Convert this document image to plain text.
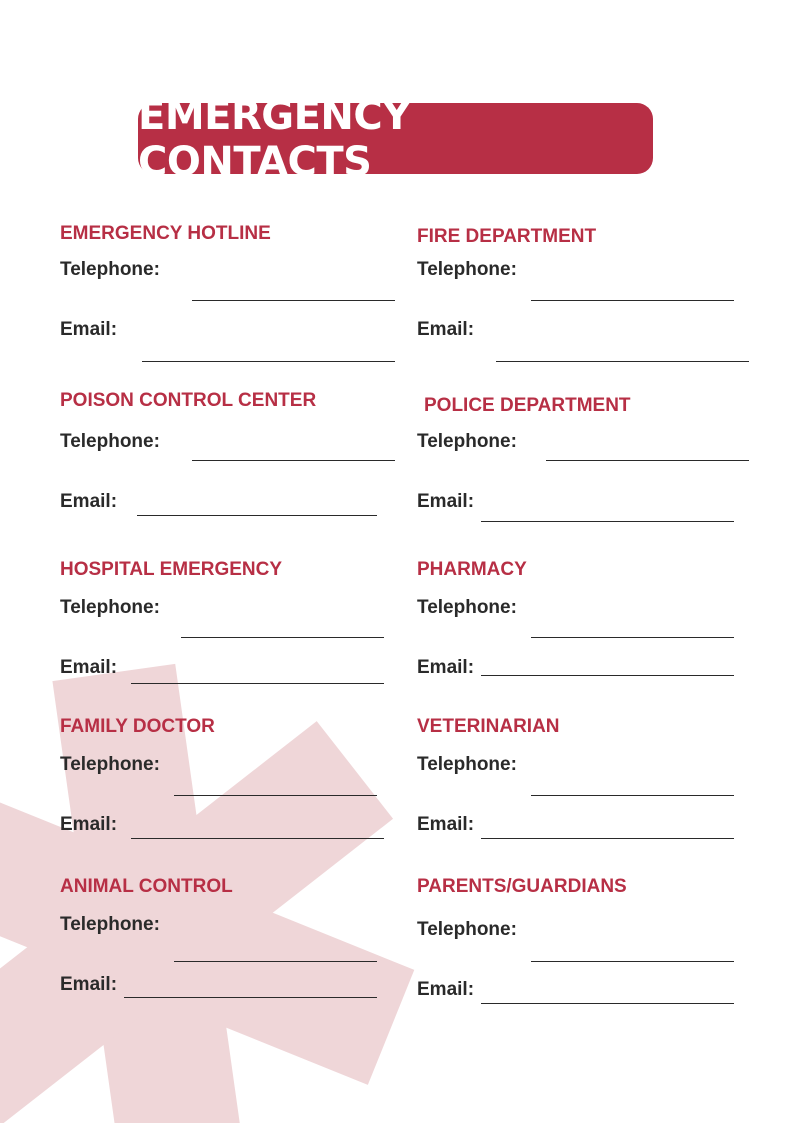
EMERGENCY CONTACTS
EMERGENCY HOTLINE
Telephone:
Email:
POISON CONTROL CENTER
Telephone:
Email:
HOSPITAL EMERGENCY
Telephone:
Email:
FAMILY DOCTOR
Telephone:
Email:
ANIMAL CONTROL
Telephone:
Email:
FIRE DEPARTMENT
Telephone:
Email:
POLICE DEPARTMENT
Telephone:
Email:
PHARMACY
Telephone:
Email:
VETERINARIAN
Telephone:
Email:
PARENTS/GUARDIANS
Telephone:
Email:
